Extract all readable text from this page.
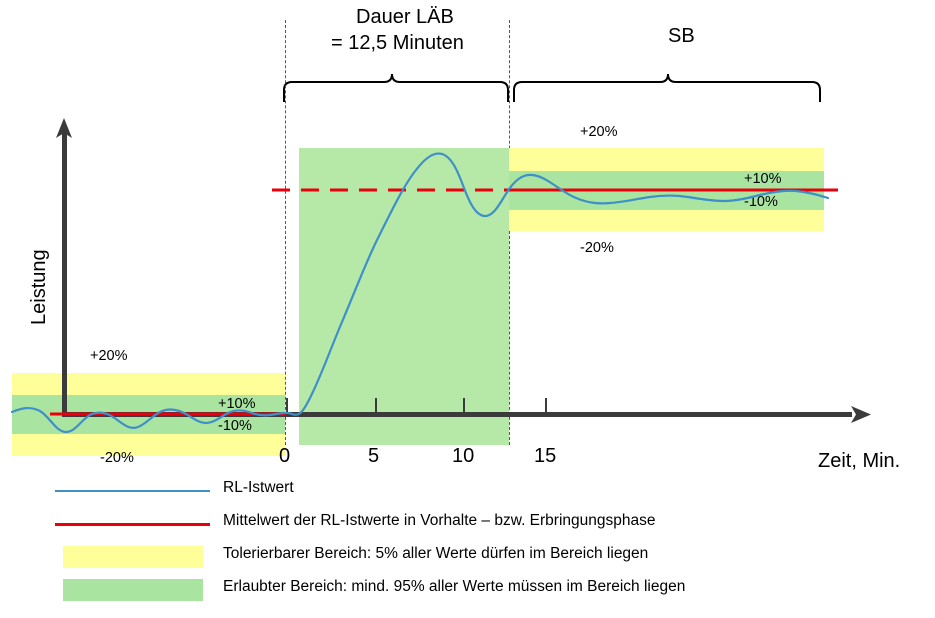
Dauer LÄB
= 12,5 Minuten	SB
+20%
+10%
-10%
-20%
+20%
+10%
-10%
-20%
0	5	10	15
Leistung
Zeit, Min.
RL-Istwert
Mittelwert der RL-Istwerte in Vorhalte – bzw. Erbringungsphase
Tolerierbarer Bereich: 5% aller Werte dürfen im Bereich liegen
Erlaubter Bereich: mind. 95% aller Werte müssen im Bereich liegen
